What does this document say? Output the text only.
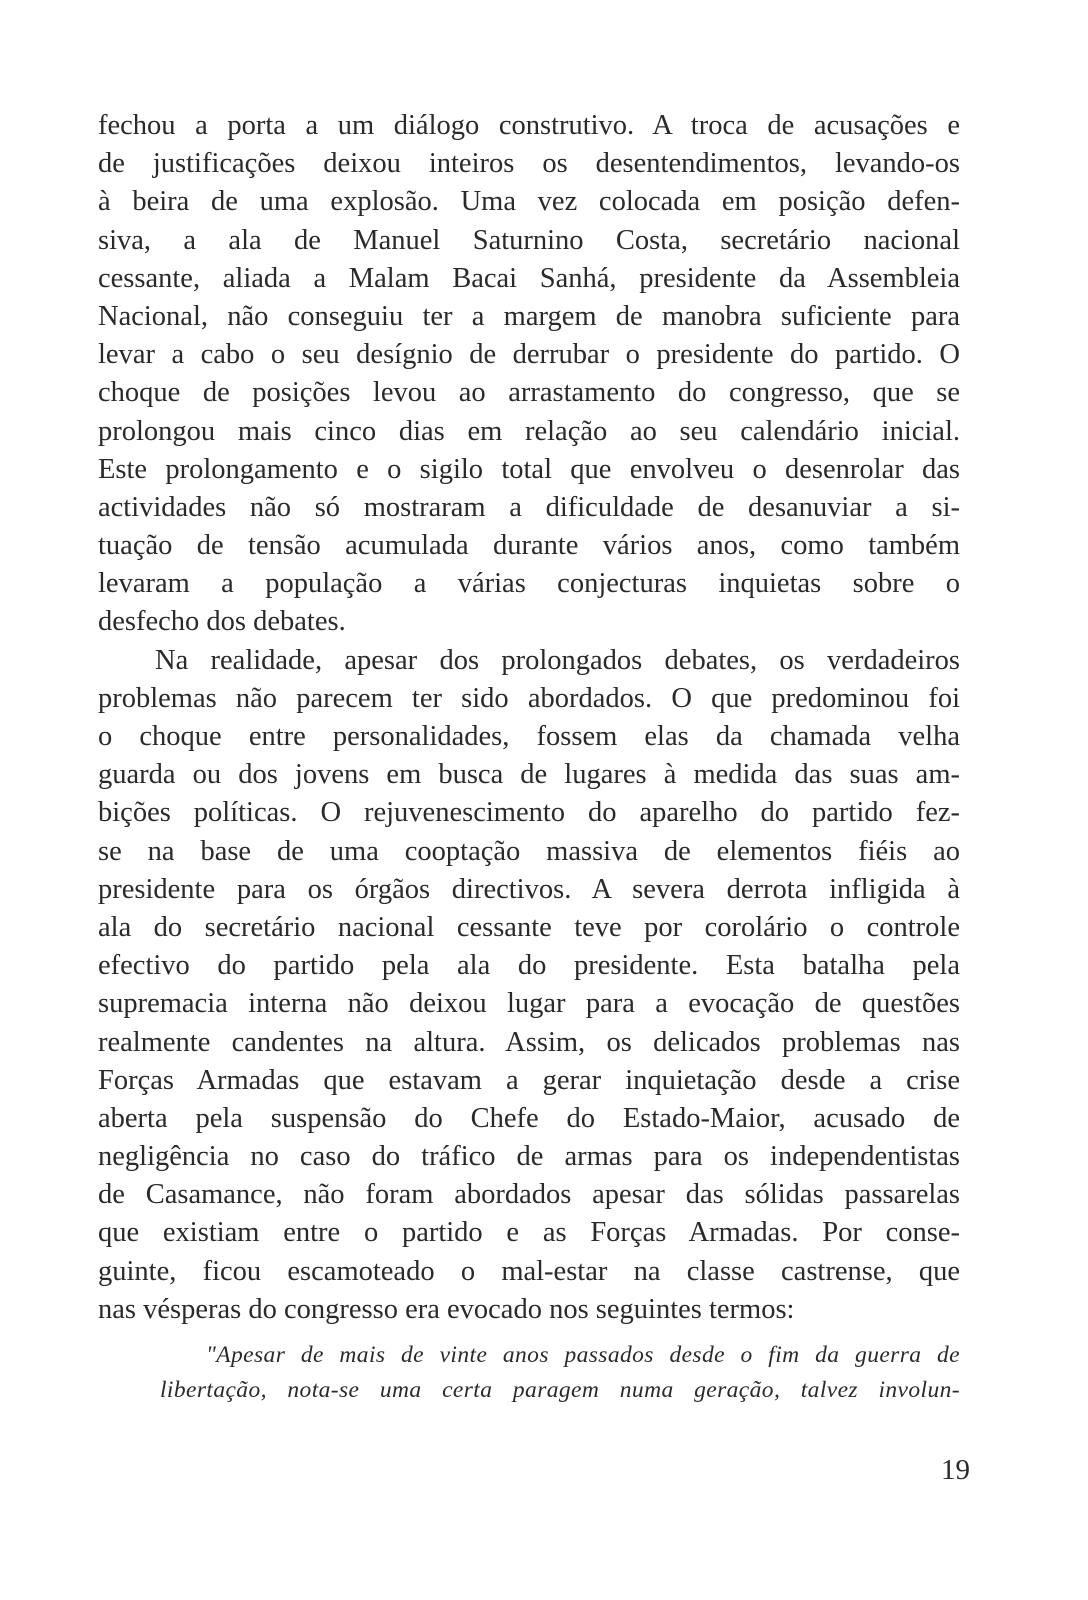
fechou a porta a um diálogo construtivo. A troca de acusações e
de justificações deixou inteiros os desentendimentos, levando-os
à beira de uma explosão. Uma vez colocada em posição defen-
siva, a ala de Manuel Saturnino Costa, secretário nacional
cessante, aliada a Malam Bacai Sanhá, presidente da Assembleia
Nacional, não conseguiu ter a margem de manobra suficiente para
levar a cabo o seu desígnio de derrubar o presidente do partido. O
choque de posições levou ao arrastamento do congresso, que se
prolongou mais cinco dias em relação ao seu calendário inicial.
Este prolongamento e o sigilo total que envolveu o desenrolar das
actividades não só mostraram a dificuldade de desanuviar a si-
tuação de tensão acumulada durante vários anos, como também
levaram a população a várias conjecturas inquietas sobre o
desfecho dos debates.
Na realidade, apesar dos prolongados debates, os verdadeiros
problemas não parecem ter sido abordados. O que predominou foi
o choque entre personalidades, fossem elas da chamada velha
guarda ou dos jovens em busca de lugares à medida das suas am-
bições políticas. O rejuvenescimento do aparelho do partido fez-
se na base de uma cooptação massiva de elementos fiéis ao
presidente para os órgãos directivos. A severa derrota infligida à
ala do secretário nacional cessante teve por corolário o controle
efectivo do partido pela ala do presidente. Esta batalha pela
supremacia interna não deixou lugar para a evocação de questões
realmente candentes na altura. Assim, os delicados problemas nas
Forças Armadas que estavam a gerar inquietação desde a crise
aberta pela suspensão do Chefe do Estado-Maior, acusado de
negligência no caso do tráfico de armas para os independentistas
de Casamance, não foram abordados apesar das sólidas passarelas
que existiam entre o partido e as Forças Armadas. Por conse-
guinte, ficou escamoteado o mal-estar na classe castrense, que
nas vésperas do congresso era evocado nos seguintes termos:
"Apesar de mais de vinte anos passados desde o fim da guerra de
libertação, nota-se uma certa paragem numa geração, talvez involun-
19
